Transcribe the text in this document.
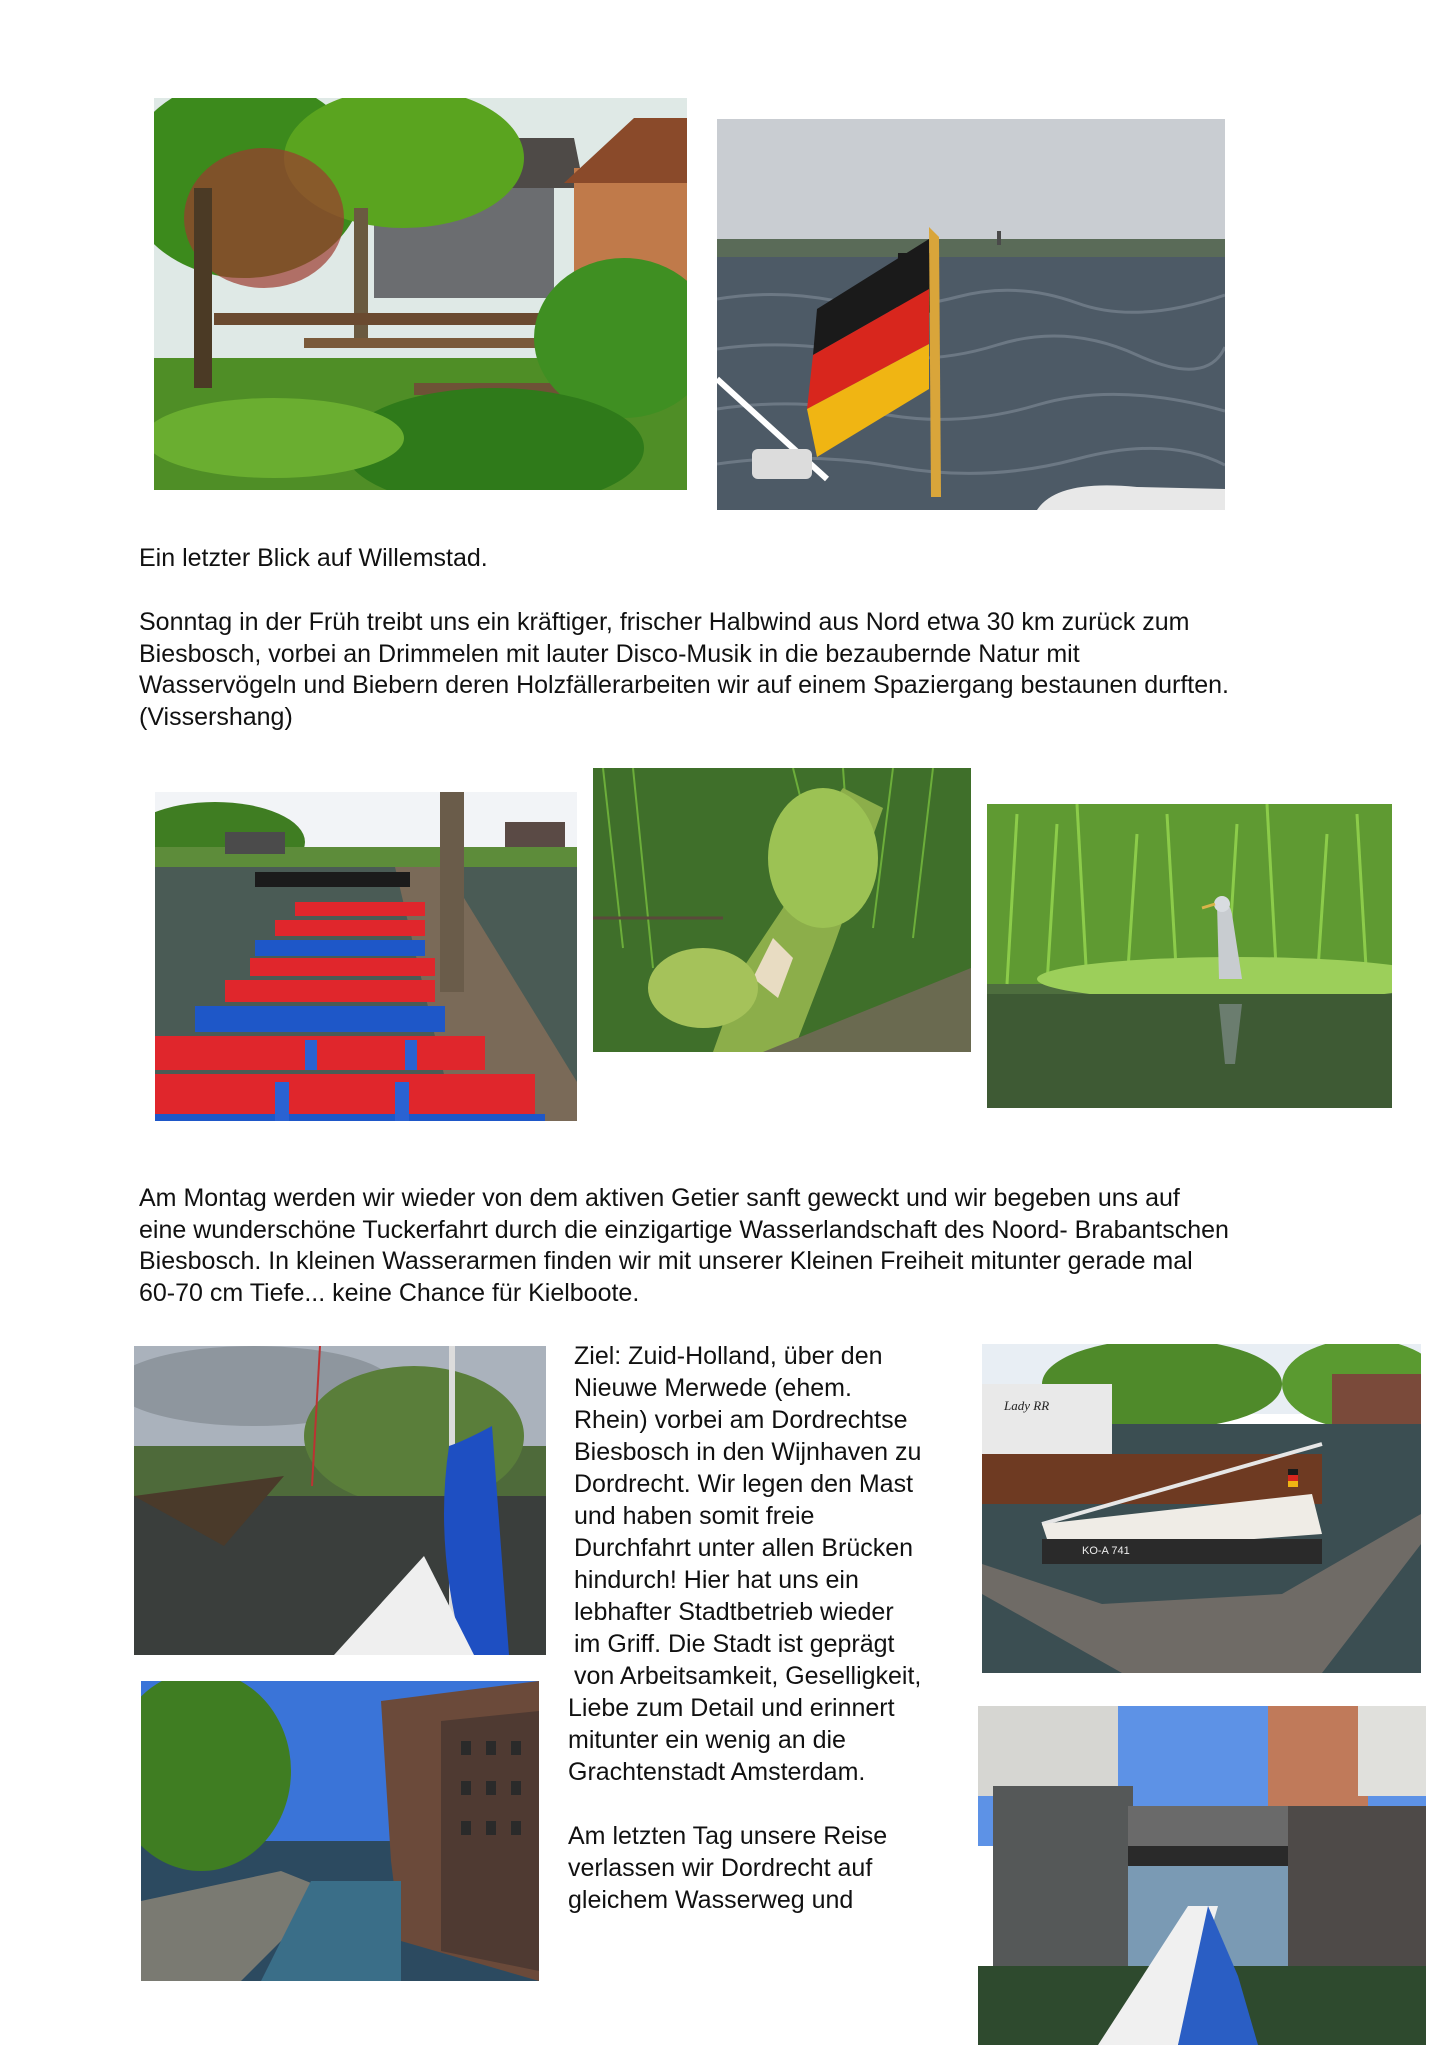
Ein letzter Blick auf Willemstad.
Sonntag in der Früh treibt uns ein kräftiger, frischer Halbwind aus Nord etwa 30 km zurück zum
Biesbosch, vorbei an Drimmelen mit lauter Disco-Musik in die bezaubernde Natur mit
Wasservögeln und Biebern deren Holzfällerarbeiten wir auf einem Spaziergang bestaunen durften.
(Vissershang)
Am Montag werden wir wieder von dem aktiven Getier sanft geweckt und wir begeben uns auf
eine wunderschöne Tuckerfahrt durch die einzigartige Wasserlandschaft des Noord- Brabantschen
Biesbosch. In kleinen Wasserarmen finden wir mit unserer Kleinen Freiheit mitunter gerade mal
60-70 cm Tiefe... keine Chance für Kielboote.
Ziel: Zuid-Holland, über den
Nieuwe Merwede (ehem.
Rhein) vorbei am Dordrechtse
Biesbosch in den Wijnhaven zu
Dordrecht. Wir legen den Mast
und haben somit freie
Durchfahrt unter allen Brücken
hindurch! Hier hat uns ein
lebhafter Stadtbetrieb wieder
im Griff. Die Stadt ist geprägt
von Arbeitsamkeit, Geselligkeit,
Liebe zum Detail und erinnert
mitunter ein wenig an die
Grachtenstadt Amsterdam.

Am letzten Tag unsere Reise
verlassen wir Dordrecht auf
gleichem Wasserweg und
Lady RR
KO-A 741
